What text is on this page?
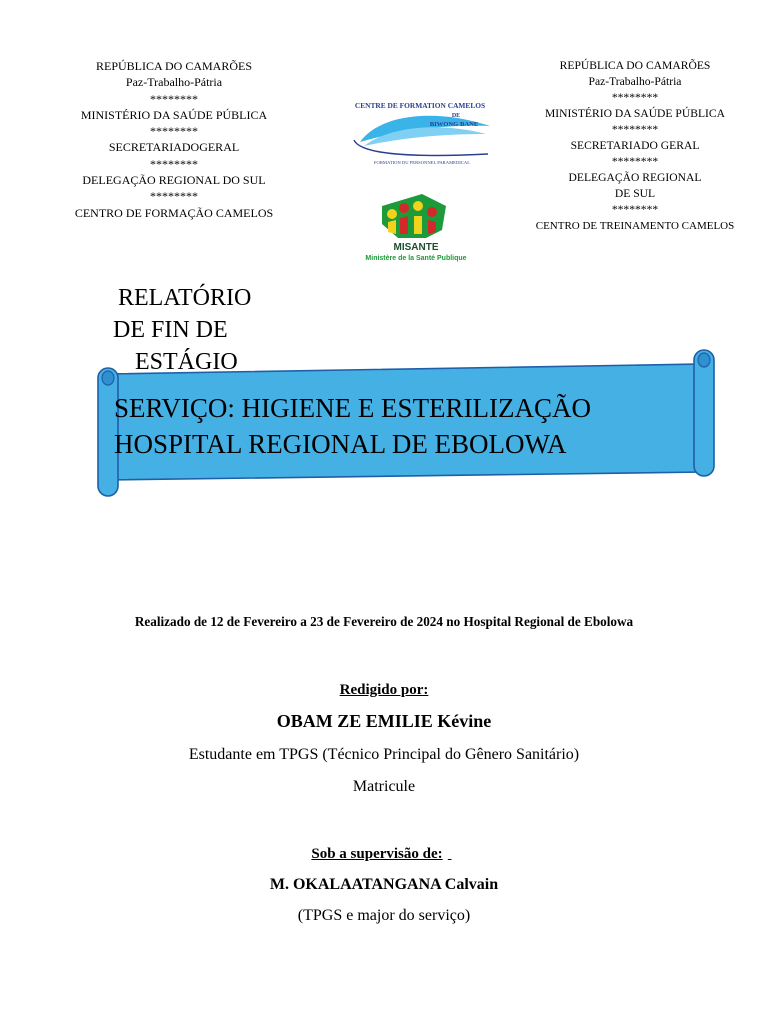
REPÚBLICA DO CAMARÕES
Paz-Trabalho-Pátria
********
MINISTÉRIO DA SAÚDE PÚBLICA
********
SECRETARIADOGERAL
********
DELEGAÇÃO REGIONAL DO SUL
********
CENTRO DE FORMAÇÃO CAMELOS
REPÚBLICA DO CAMARÕES
Paz-Trabalho-Pátria
********
MINISTÉRIO DA SAÚDE PÚBLICA
********
SECRETARIADO GERAL
********
DELEGAÇÃO REGIONAL DE SUL
********
CENTRO DE TREINAMENTO CAMELOS
CENTRE DE FORMATION CAMELOS
DE
BIWONG BANE
FORMATION DU PERSONNEL PARAMEDICAL
MISANTE
Ministère de la Santé Publique
RELATÓRIO
DE FIN DE
ESTÁGIO
SERVIÇO: HIGIENE E ESTERILIZAÇÃO
HOSPITAL REGIONAL DE EBOLOWA
Realizado de 12 de Fevereiro a 23 de Fevereiro de 2024 no Hospital Regional de Ebolowa
Redigido por:
OBAM ZE EMILIE Kévine
Estudante em TPGS (Técnico Principal do Gênero Sanitário)
Matricule
Sob a supervisão de:
M. OKALAATANGANA Calvain
(TPGS e major do serviço)
